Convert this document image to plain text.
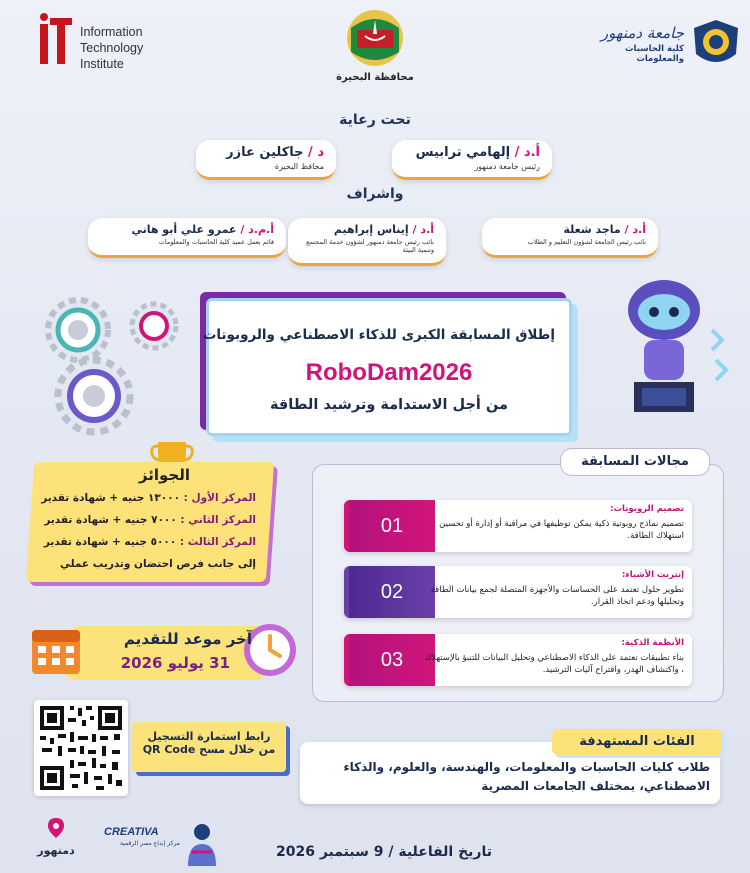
Information
Technology
Institute
محافظة البحيرة
جامعة دمنهور
كلية الحاسبات والمعلومات
تحت رعاية
د / جاكلين عازر
محافظ البحيرة
أ.د / إلهامي ترابيس
رئيس جامعة دمنهور
واشراف
أ.م.د / عمرو علي أبو هاني
قائم بعمل عميد كلية الحاسبات والمعلومات
أ.د / إيناس إبراهيم
نائب رئيس جامعة دمنهور لشؤون خدمة المجتمع وتنمية البيئة
أ.د / ماجد شعلة
نائب رئيس الجامعة لشؤون التعليم و الطلاب
إطلاق المسابقة الكبرى للذكاء الاصطناعي والروبوتات
RoboDam2026
من أجل الاستدامة وترشيد الطاقة
الجوائز
المركز الأول : ١٣٠٠٠ جنيه + شهادة تقدير
المركز الثاني : ٧٠٠٠ جنيه + شهادة تقدير
المركز الثالث : ٥٠٠٠ جنيه + شهادة تقدير
إلى جانب فرص احتضان وتدريب عملي
آخر موعد للتقديم
31 يوليو 2026
مجالات المسابقة
01
تصميم الروبوتات:
تصميم نماذج روبوتية ذكية يمكن توظيفها في مراقبة أو إدارة أو تحسين استهلاك الطاقة.
02
إنترنت الأشياء:
تطوير حلول تعتمد على الحساسات والأجهزة المتصلة لجمع بيانات الطاقة وتحليلها ودعم اتخاذ القرار.
03
الأنظمة الذكية:
بناء تطبيقات تعتمد على الذكاء الاصطناعي وتحليل البيانات للتنبؤ بالإستهلاك ، واكتشاف الهدر، واقتراح آليات الترشيد.
رابط استمارة التسجيل
من خلال مسح QR Code
طلاب كليات الحاسبات والمعلومات، والهندسة، والعلوم، والذكاء الاصطناعي، بمختلف الجامعات المصرية
الفئات المستهدفة
دمنهور
CREATIVA
مركز إبداع مصر الرقمية
تاريخ الفاعلية / 9 سبتمبر 2026
